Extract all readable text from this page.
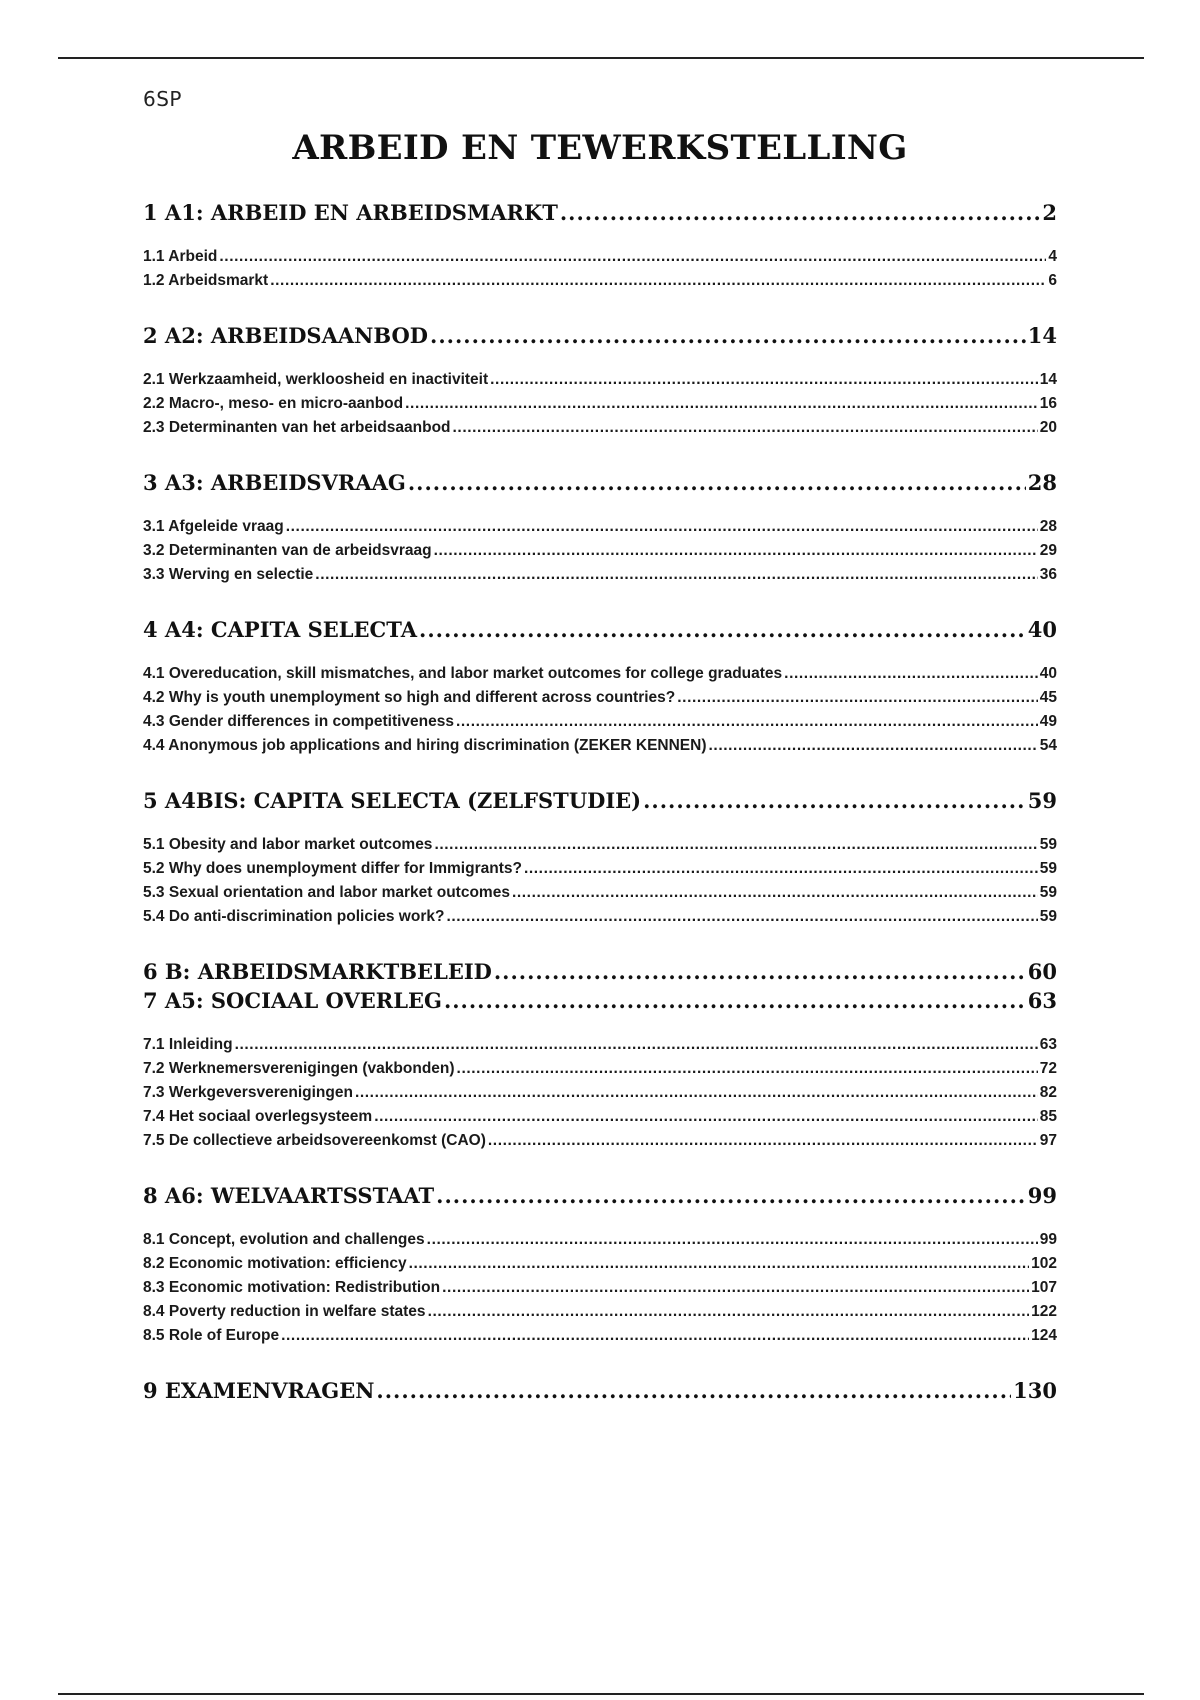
6SP
ARBEID EN TEWERKSTELLING
1 A1: ARBEID EN ARBEIDSMARKT .....	2
1.1 Arbeid .....	4
1.2 Arbeidsmarkt .....	6
2 A2: ARBEIDSAANBOD .....	14
2.1 Werkzaamheid, werkloosheid en inactiviteit .....	14
2.2 Macro-, meso- en micro-aanbod .....	16
2.3 Determinanten van het arbeidsaanbod .....	20
3 A3: ARBEIDSVRAAG .....	28
3.1 Afgeleide vraag .....	28
3.2 Determinanten van de arbeidsvraag .....	29
3.3 Werving en selectie .....	36
4 A4: CAPITA SELECTA .....	40
4.1 Overeducation, skill mismatches, and labor market outcomes for college graduates .....	40
4.2 Why is youth unemployment so high and different across countries? .....	45
4.3 Gender differences in competitiveness .....	49
4.4 Anonymous job applications and hiring discrimination (ZEKER KENNEN) .....	54
5 A4BIS: CAPITA SELECTA (ZELFSTUDIE) .....	59
5.1 Obesity and labor market outcomes .....	59
5.2 Why does unemployment differ for Immigrants? .....	59
5.3 Sexual orientation and labor market outcomes .....	59
5.4 Do anti-discrimination policies work? .....	59
6 B: ARBEIDSMARKTBELEID .....	60
7 A5: SOCIAAL OVERLEG .....	63
7.1 Inleiding .....	63
7.2 Werknemersverenigingen (vakbonden) .....	72
7.3 Werkgeversverenigingen .....	82
7.4 Het sociaal overlegsysteem .....	85
7.5 De collectieve arbeidsovereenkomst (CAO) .....	97
8 A6: WELVAARTSSTAAT .....	99
8.1 Concept, evolution and challenges .....	99
8.2 Economic motivation: efficiency .....	102
8.3 Economic motivation: Redistribution .....	107
8.4 Poverty reduction in welfare states .....	122
8.5 Role of Europe .....	124
9 EXAMENVRAGEN .....	130
